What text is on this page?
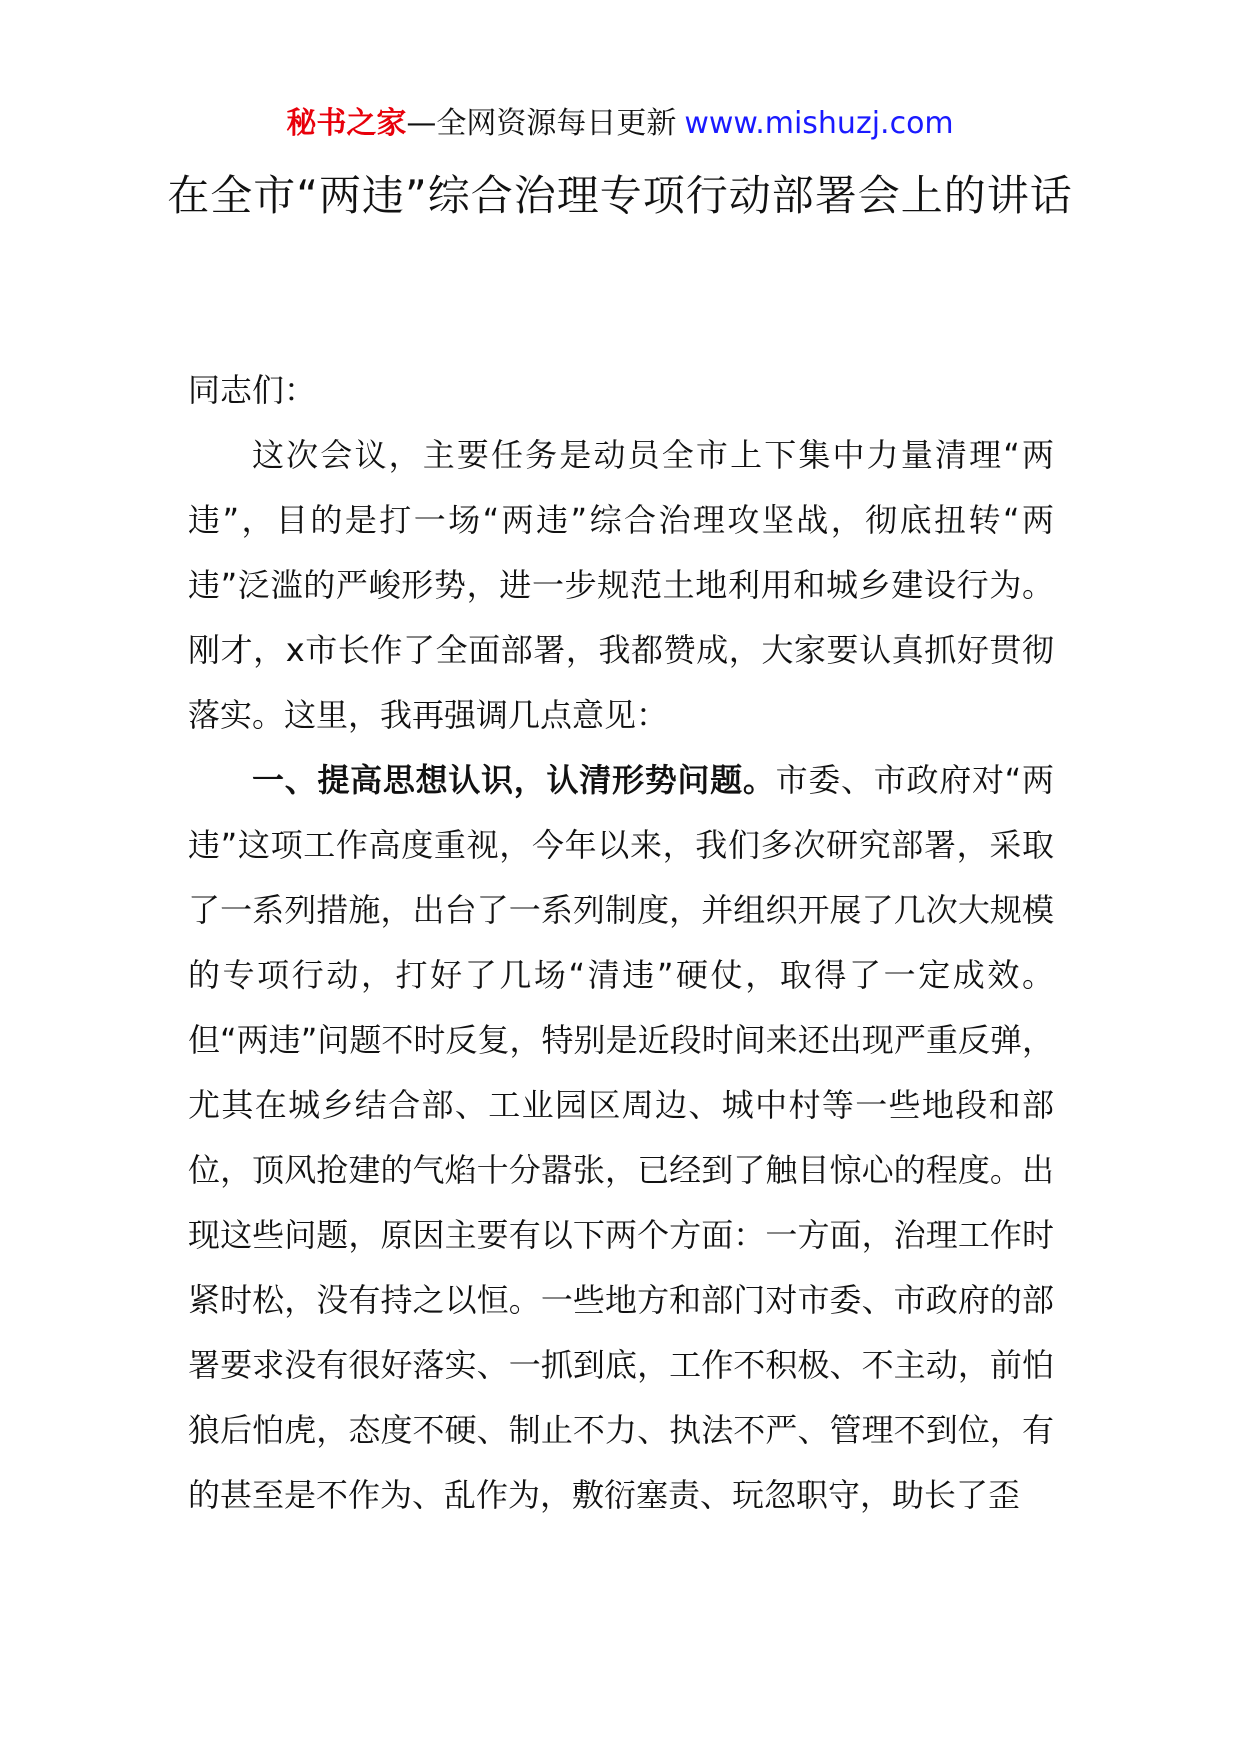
秘书之家—全网资源每日更新 www.mishuzj.com
在全市“两违”综合治理专项行动部署会上的讲话

同志们：

这次会议，主要任务是动员全市上下集中力量清理“两违”，目的是打一场“两违”综合治理攻坚战，彻底扭转“两违”泛滥的严峻形势，进一步规范土地利用和城乡建设行为。刚才，x市长作了全面部署，我都赞成，大家要认真抓好贯彻落实。这里，我再强调几点意见：

一、提高思想认识，认清形势问题。市委、市政府对“两违”这项工作高度重视，今年以来，我们多次研究部署，采取了一系列措施，出台了一系列制度，并组织开展了几次大规模的专项行动，打好了几场“清违”硬仗，取得了一定成效。但“两违”问题不时反复，特别是近段时间来还出现严重反弹，尤其在城乡结合部、工业园区周边、城中村等一些地段和部位，顶风抢建的气焰十分嚣张，已经到了触目惊心的程度。出现这些问题，原因主要有以下两个方面：一方面，治理工作时紧时松，没有持之以恒。一些地方和部门对市委、市政府的部署要求没有很好落实、一抓到底，工作不积极、不主动，前怕狼后怕虎，态度不硬、制止不力、执法不严、管理不到位，有的甚至是不作为、乱作为，敷衍塞责、玩忽职守，助长了歪
